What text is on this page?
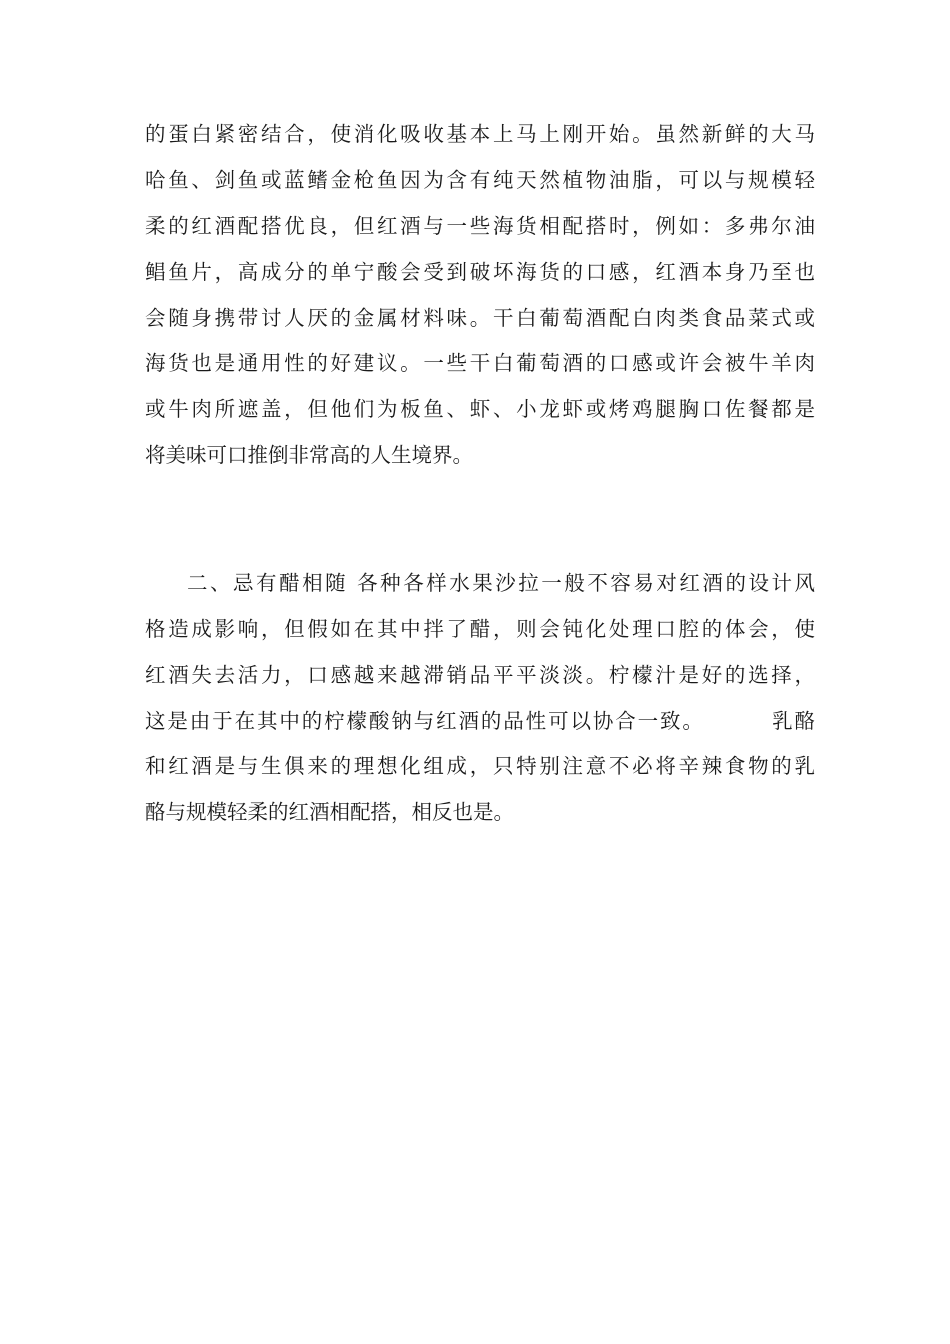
的蛋白紧密结合，使消化吸收基本上马上刚开始。虽然新鲜的大马

哈鱼、剑鱼或蓝鳍金枪鱼因为含有纯天然植物油脂，可以与规模轻

柔的红酒配搭优良，但红酒与一些海货相配搭时，例如：多弗尔油

鲳鱼片，高成分的单宁酸会受到破坏海货的口感，红酒本身乃至也

会随身携带讨人厌的金属材料味。干白葡萄酒配白肉类食品菜式或

海货也是通用性的好建议。一些干白葡萄酒的口感或许会被牛羊肉

或牛肉所遮盖，但他们为板鱼、虾、小龙虾或烤鸡腿胸口佐餐都是

将美味可口推倒非常高的人生境界。

二、忌有醋相随 各种各样水果沙拉一般不容易对红酒的设计风

格造成影响，但假如在其中拌了醋，则会钝化处理口腔的体会，使

红酒失去活力，口感越来越滞销品平平淡淡。柠檬汁是好的选择，

这是由于在其中的柠檬酸钠与红酒的品性可以协合一致。        乳酪

和红酒是与生俱来的理想化组成，只特别注意不必将辛辣食物的乳

酪与规模轻柔的红酒相配搭，相反也是。
